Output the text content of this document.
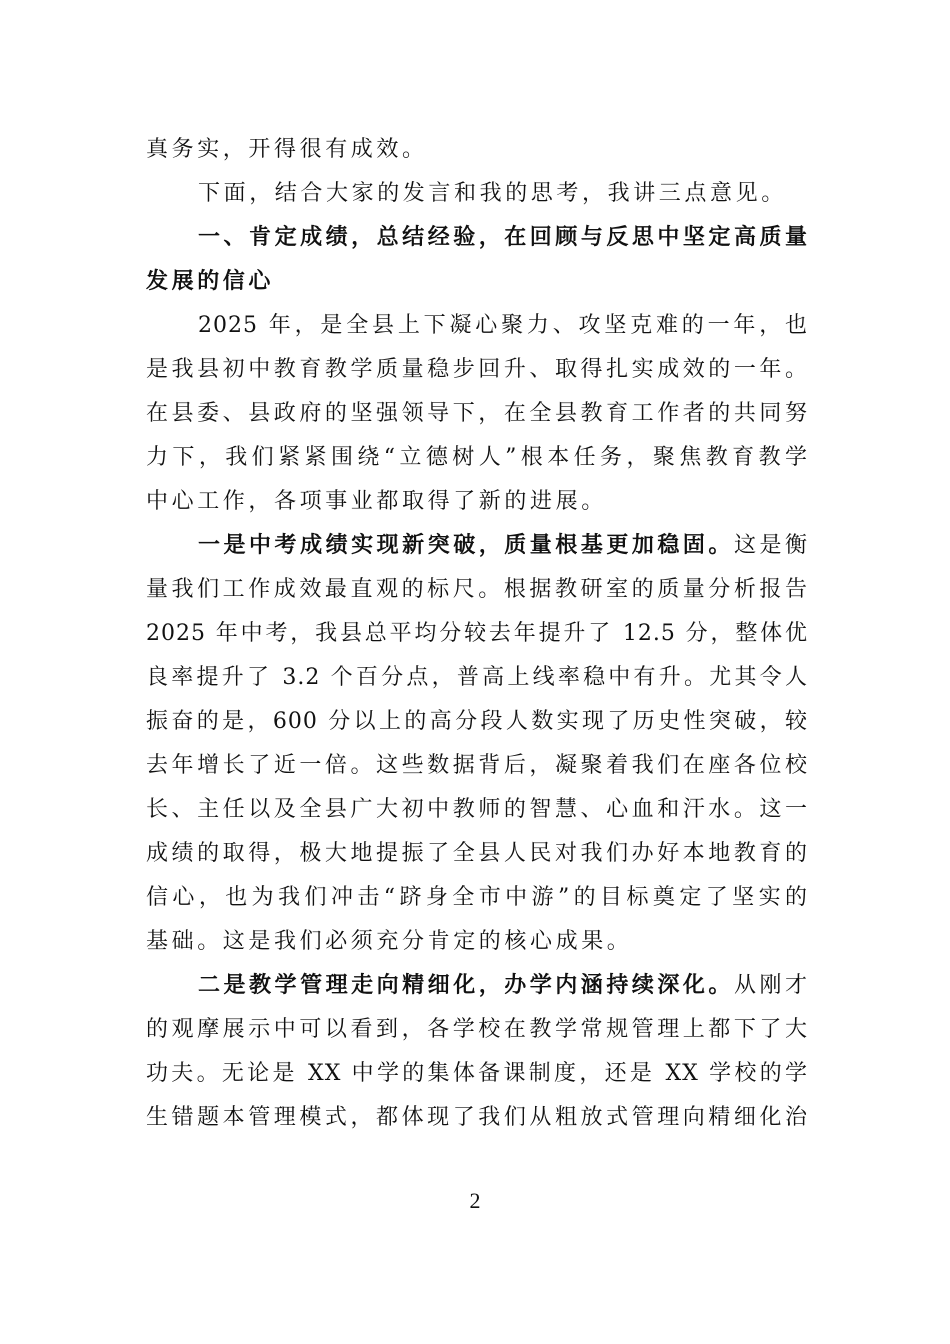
真务实，开得很有成效。
下面，结合大家的发言和我的思考，我讲三点意见。
一、肯定成绩，总结经验，在回顾与反思中坚定高质量
发展的信心
2025 年，是全县上下凝心聚力、攻坚克难的一年，也
是我县初中教育教学质量稳步回升、取得扎实成效的一年。
在县委、县政府的坚强领导下，在全县教育工作者的共同努
力下，我们紧紧围绕“立德树人”根本任务，聚焦教育教学
中心工作，各项事业都取得了新的进展。
一是中考成绩实现新突破，质量根基更加稳固。这是衡
量我们工作成效最直观的标尺。根据教研室的质量分析报告
2025 年中考，我县总平均分较去年提升了 12.5 分，整体优
良率提升了 3.2 个百分点，普高上线率稳中有升。尤其令人
振奋的是，600 分以上的高分段人数实现了历史性突破，较
去年增长了近一倍。这些数据背后，凝聚着我们在座各位校
长、主任以及全县广大初中教师的智慧、心血和汗水。这一
成绩的取得，极大地提振了全县人民对我们办好本地教育的
信心，也为我们冲击“跻身全市中游”的目标奠定了坚实的
基础。这是我们必须充分肯定的核心成果。
二是教学管理走向精细化，办学内涵持续深化。从刚才
的观摩展示中可以看到，各学校在教学常规管理上都下了大
功夫。无论是 XX 中学的集体备课制度，还是 XX 学校的学
生错题本管理模式，都体现了我们从粗放式管理向精细化治
2
